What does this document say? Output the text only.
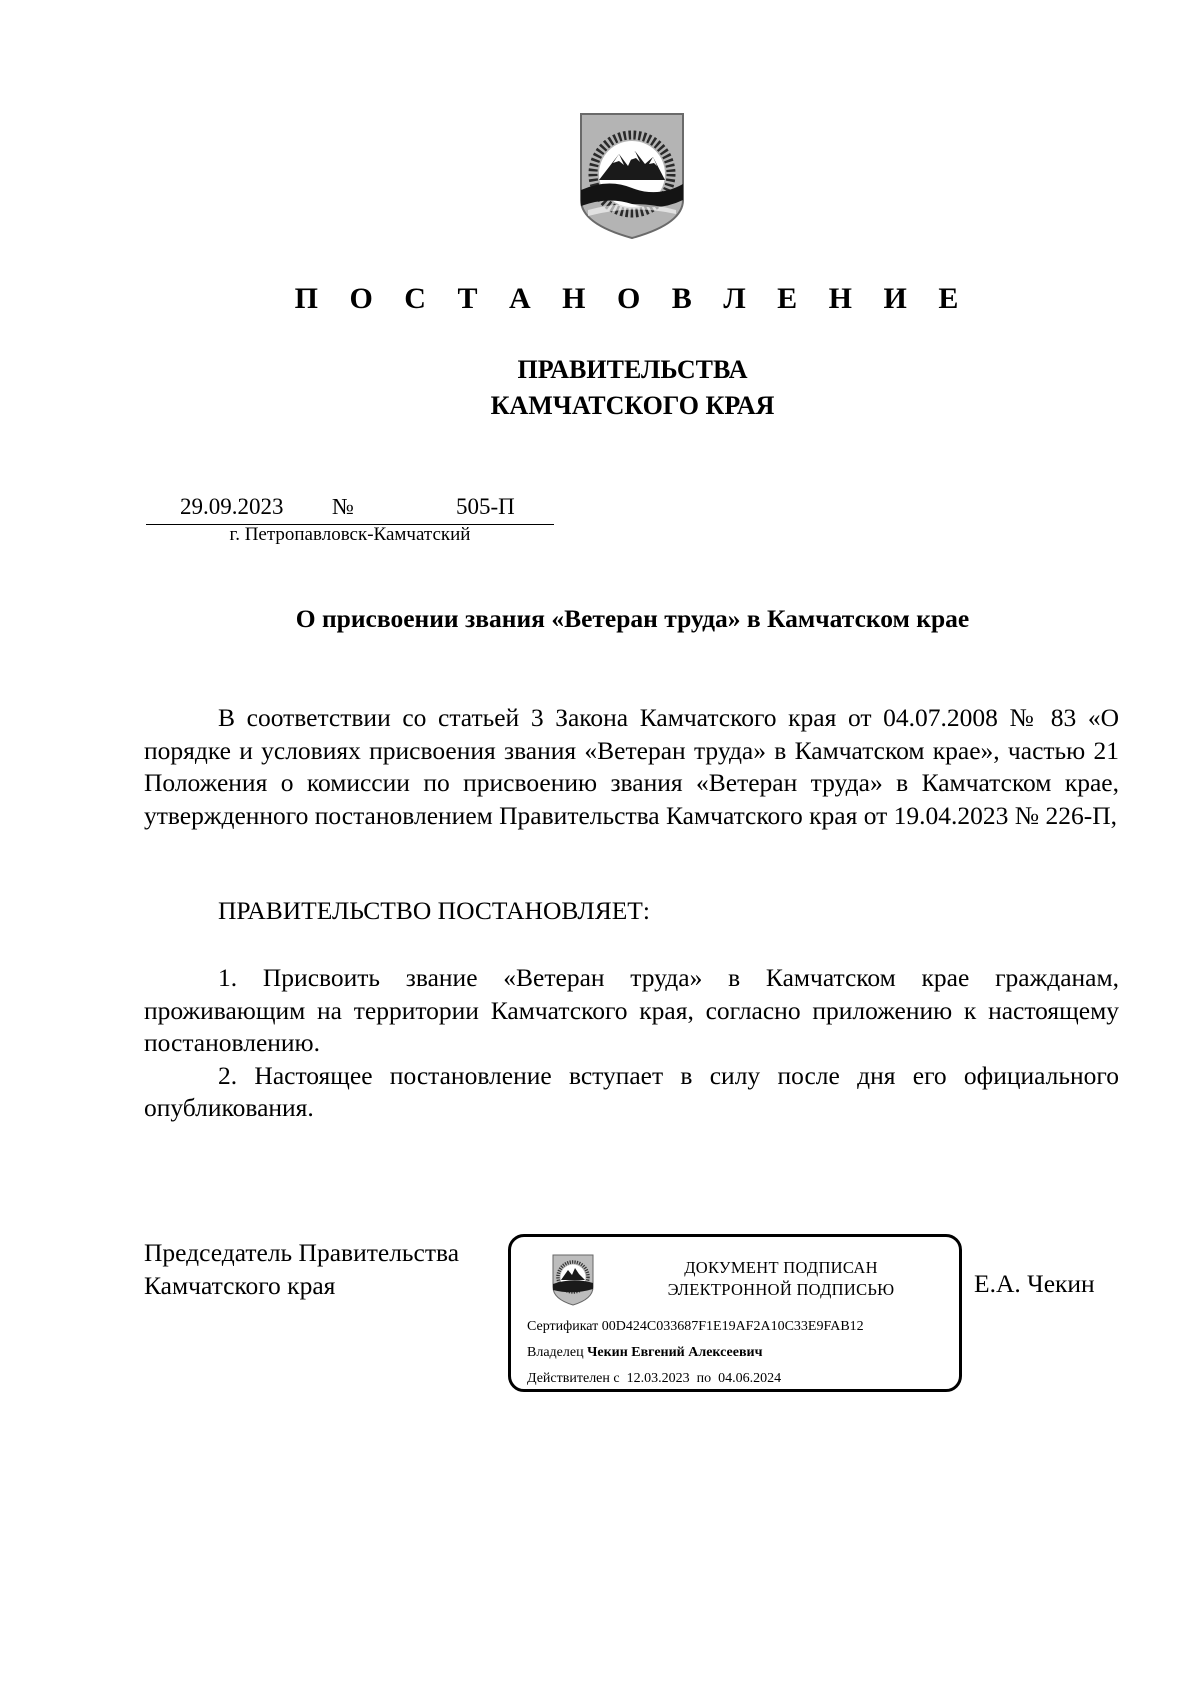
П О С Т А Н О В Л Е Н И Е
ПРАВИТЕЛЬСТВА
КАМЧАТСКОГО КРАЯ
29.09.2023 №	505-П
г. Петропавловск-Камчатский
О присвоении звания «Ветеран труда» в Камчатском крае

В соответствии со статьей 3 Закона Камчатского края от 04.07.2008 № 83 «О порядке и условиях присвоения звания «Ветеран труда» в Камчатском крае», частью 21 Положения о комиссии по присвоению звания «Ветеран труда» в Камчатском крае, утвержденного постановлением Правительства Камчатского края от 19.04.2023 № 226-П,

ПРАВИТЕЛЬСТВО ПОСТАНОВЛЯЕТ:

1. Присвоить звание «Ветеран труда» в Камчатском крае гражданам, проживающим на территории Камчатского края, согласно приложению к настоящему постановлению.

2. Настоящее постановление вступает в силу после дня его официального опубликования.

Председатель Правительства
Камчатского края
ДОКУМЕНТ ПОДПИСАН
ЭЛЕКТРОННОЙ ПОДПИСЬЮ
Сертификат 00D424C033687F1E19AF2A10C33E9FAB12
Владелец Чекин Евгений Алексеевич
Действителен с 12.03.2023 по 04.06.2024
Е.А. Чекин
